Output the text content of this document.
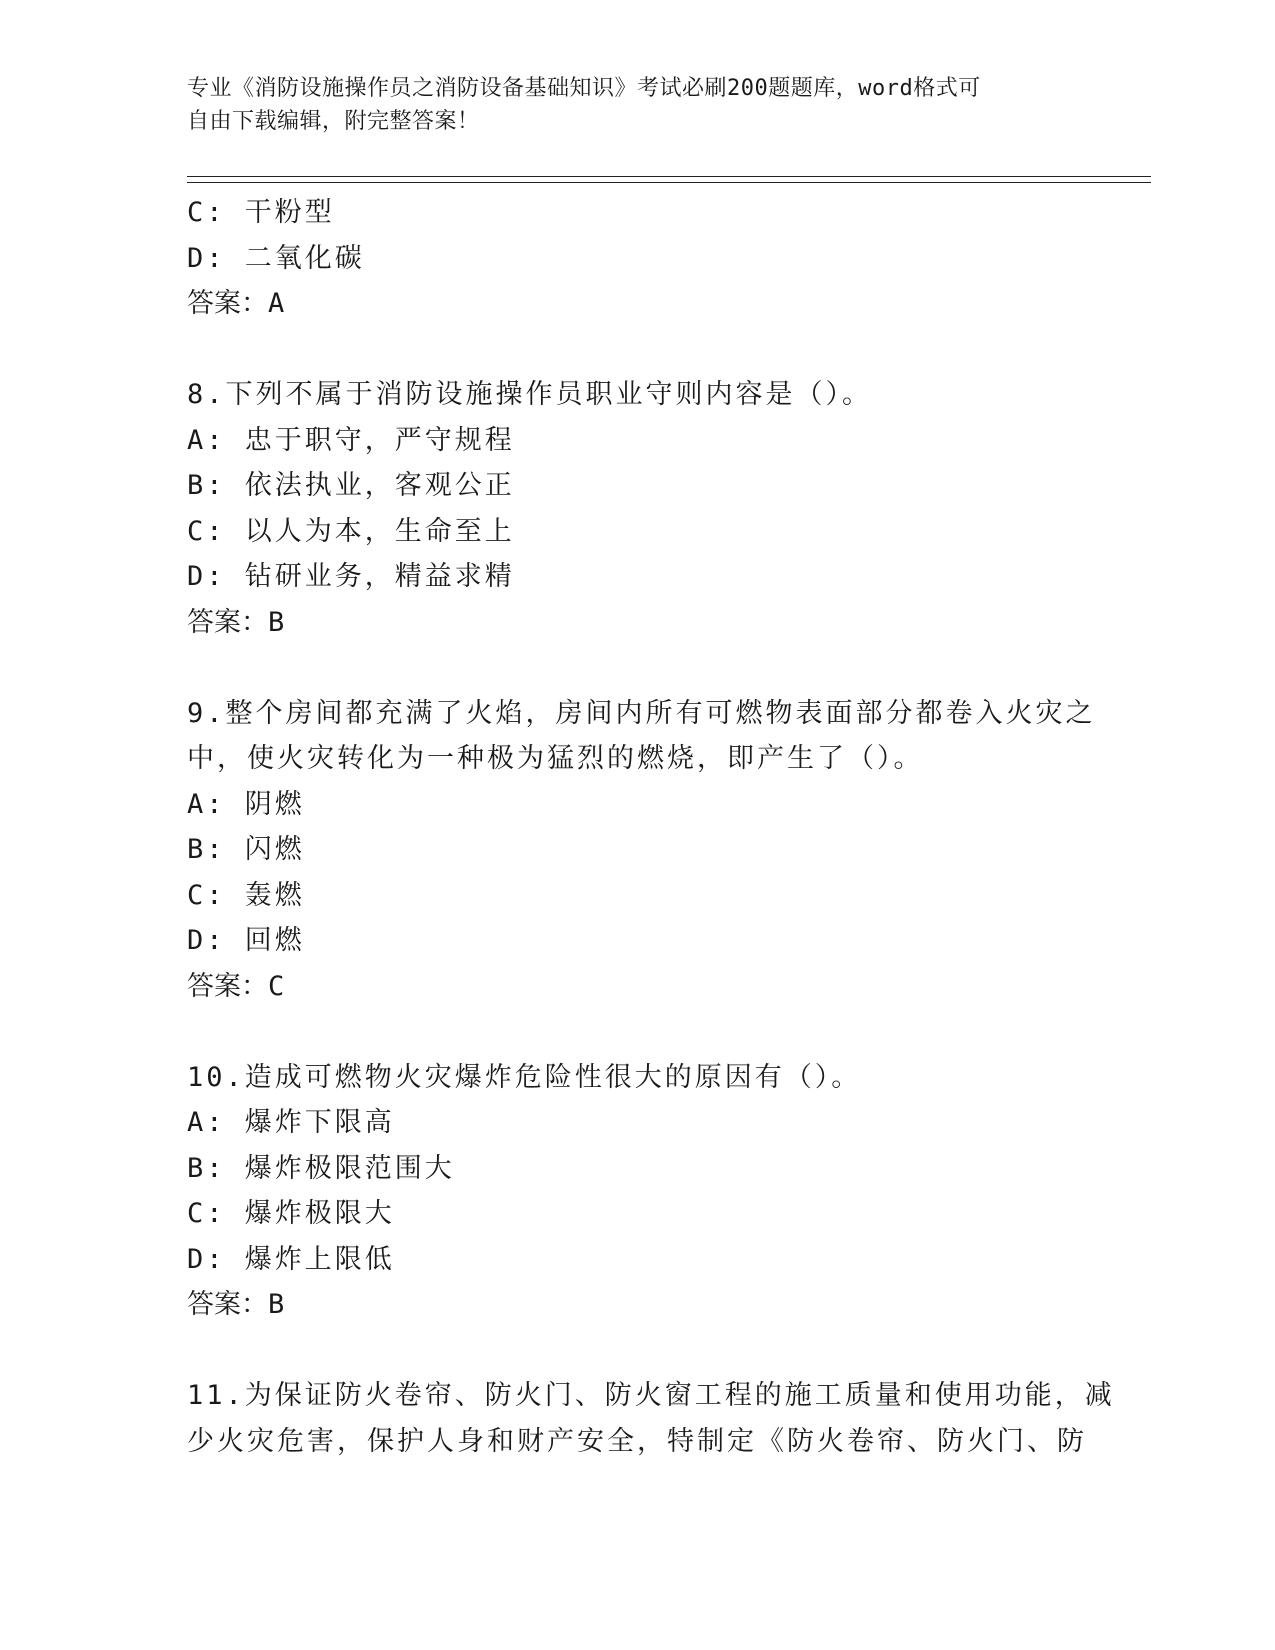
专业《消防设施操作员之消防设备基础知识》考试必刷200题题库，word格式可
自由下载编辑，附完整答案！
C: 干粉型
D: 二氧化碳
答案：A
8.下列不属于消防设施操作员职业守则内容是（）。
A: 忠于职守，严守规程
B: 依法执业，客观公正
C: 以人为本，生命至上
D: 钻研业务，精益求精
答案：B
9.整个房间都充满了火焰，房间内所有可燃物表面部分都卷入火灾之
中，使火灾转化为一种极为猛烈的燃烧，即产生了（）。
A: 阴燃
B: 闪燃
C: 轰燃
D: 回燃
答案：C
10.造成可燃物火灾爆炸危险性很大的原因有（）。
A: 爆炸下限高
B: 爆炸极限范围大
C: 爆炸极限大
D: 爆炸上限低
答案：B
11.为保证防火卷帘、防火门、防火窗工程的施工质量和使用功能，减
少火灾危害，保护人身和财产安全，特制定《防火卷帘、防火门、防
